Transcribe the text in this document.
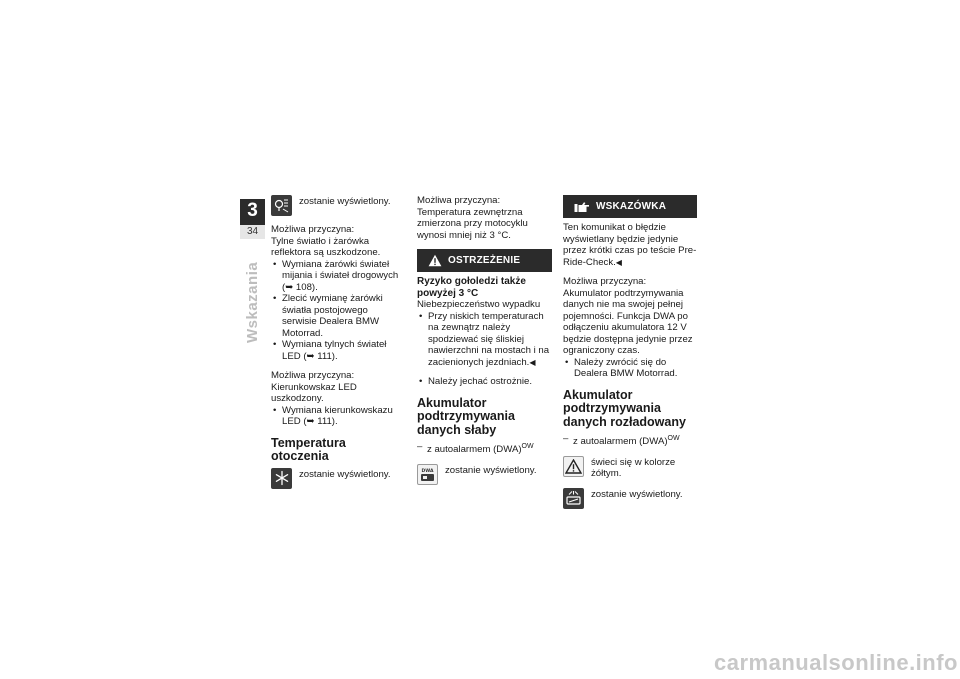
3
34
Wskazania
zostanie wyświetlony.

Możliwa przyczyna:

Tylne światło i żarówka reflektora są uszkodzone.

• Wymiana żarówki świateł mijania i świateł drogowych (➥ 108).
• Zlecić wymianę żarówki światła postojowego serwisie Dealera BMW Motorrad.
• Wymiana tylnych świateł LED (➥ 111).

Możliwa przyczyna:

Kierunkowskaz LED uszkodzony.

• Wymiana kierunkowskazu LED (➥ 111).
Temperatura otoczenia
zostanie wyświetlony.

Możliwa przyczyna:

Temperatura zewnętrzna zmierzona przy motocyklu wynosi mniej niż 3 °C.

OSTRZEŻENIE
Ryzyko gołoledzi także powyżej 3 °C

Niebezpieczeństwo wypadku

• Przy niskich temperaturach na zewnątrz należy spodziewać się śliskiej nawierzchni na mostach i na zacienionych jezdniach.◀
• Należy jechać ostrożnie.
Akumulator podtrzymywania danych słaby

– z autoalarmem (DWA)$^{OW}$

DWA zostanie wyświetlony.
WSKAZÓWKA

Ten komunikat o błędzie wyświetlany będzie jedynie przez krótki czas po teście Pre-Ride-Check.◀

Możliwa przyczyna:

Akumulator podtrzymywania danych nie ma swojej pełnej pojemności. Funkcja DWA po odłączeniu akumulatora 12 V będzie dostępna jedynie przez ograniczony czas.

• Należy zwrócić się do Dealera BMW Motorrad.
Akumulator podtrzymywania danych rozładowany

– z autoalarmem (DWA)$^{OW}$

świeci się w kolorze żółtym.
zostanie wyświetlony.
carmanualsonline.info
